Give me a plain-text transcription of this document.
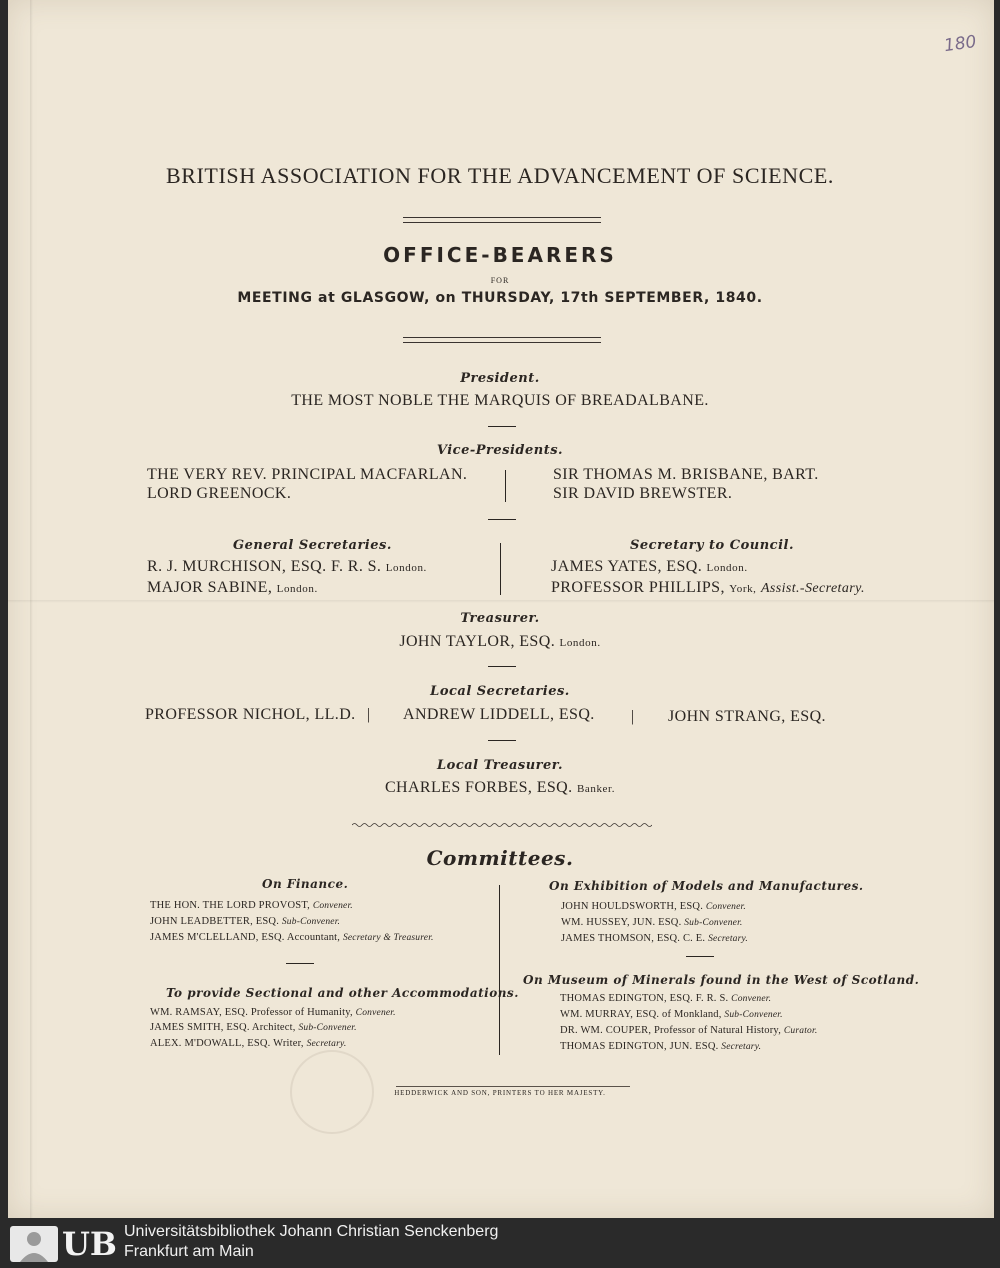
180
BRITISH ASSOCIATION FOR THE ADVANCEMENT OF SCIENCE.
OFFICE-BEARERS
FOR
MEETING at GLASGOW, on THURSDAY, 17th SEPTEMBER, 1840.
President.
THE MOST NOBLE THE MARQUIS OF BREADALBANE.
Vice-Presidents.
THE VERY REV. PRINCIPAL MACFARLAN.
LORD GREENOCK.
SIR THOMAS M. BRISBANE, BART.
SIR DAVID BREWSTER.
General Secretaries.
R. J. MURCHISON, ESQ. F. R. S. London.
MAJOR SABINE, London.
Secretary to Council.
JAMES YATES, ESQ. London.
PROFESSOR PHILLIPS, York, Assist.-Secretary.
Treasurer.
JOHN TAYLOR, ESQ. London.
Local Secretaries.
PROFESSOR NICHOL, LL.D. | ANDREW LIDDELL, ESQ. | JOHN STRANG, ESQ.
Local Treasurer.
CHARLES FORBES, ESQ. Banker.
Committees.
On Finance.
THE HON. THE LORD PROVOST, Convener.
JOHN LEADBETTER, ESQ. Sub-Convener.
JAMES M'CLELLAND, ESQ. Accountant, Secretary & Treasurer.
To provide Sectional and other Accommodations.
WM. RAMSAY, ESQ. Professor of Humanity, Convener.
JAMES SMITH, ESQ. Architect, Sub-Convener.
ALEX. M'DOWALL, ESQ. Writer, Secretary.
On Exhibition of Models and Manufactures.
JOHN HOULDSWORTH, ESQ. Convener.
WM. HUSSEY, JUN. ESQ. Sub-Convener.
JAMES THOMSON, ESQ. C. E. Secretary.
On Museum of Minerals found in the West of Scotland.
THOMAS EDINGTON, ESQ. F. R. S. Convener.
WM. MURRAY, ESQ. of Monkland, Sub-Convener.
DR. WM. COUPER, Professor of Natural History, Curator.
THOMAS EDINGTON, JUN. ESQ. Secretary.
HEDDERWICK AND SON, PRINTERS TO HER MAJESTY.
UB Universitätsbibliothek Johann Christian Senckenberg
Frankfurt am Main
